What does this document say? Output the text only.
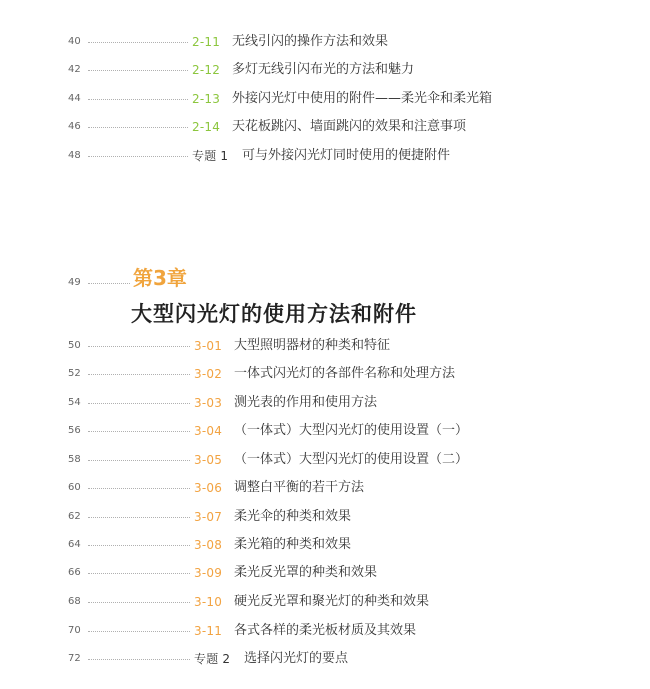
40	2-11 无线引闪的操作方法和效果
42	2-12 多灯无线引闪布光的方法和魅力
44	2-13 外接闪光灯中使用的附件——柔光伞和柔光箱
46	2-14 天花板跳闪、墙面跳闪的效果和注意事项
48	专题 1 可与外接闪光灯同时使用的便捷附件
49	第3章
大型闪光灯的使用方法和附件
50	3-01 大型照明器材的种类和特征
52	3-02 一体式闪光灯的各部件名称和处理方法
54	3-03 测光表的作用和使用方法
56	3-04 （一体式）大型闪光灯的使用设置（一）
58	3-05 （一体式）大型闪光灯的使用设置（二）
60	3-06 调整白平衡的若干方法
62	3-07 柔光伞的种类和效果
64	3-08 柔光箱的种类和效果
66	3-09 柔光反光罩的种类和效果
68	3-10 硬光反光罩和聚光灯的种类和效果
70	3-11 各式各样的柔光板材质及其效果
72	专题 2 选择闪光灯的要点
